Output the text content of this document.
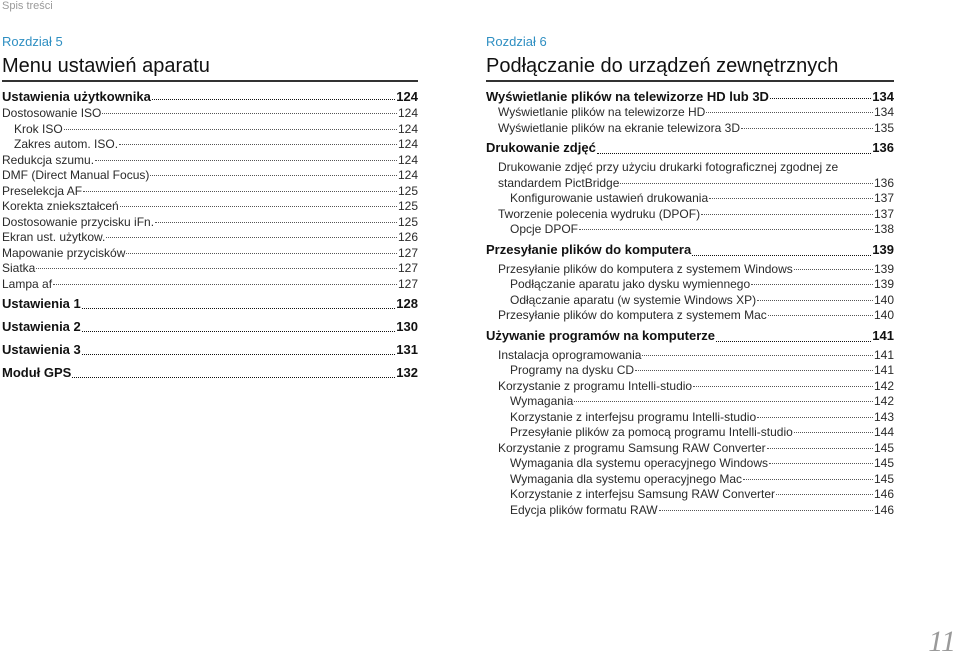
Spis treści
Rozdział 5
Menu ustawień aparatu
Ustawienia użytkownika	124
Dostosowanie ISO	124
Krok ISO	124
Zakres autom. ISO.	124
Redukcja szumu.	124
DMF (Direct Manual Focus)	124
Preselekcja AF	125
Korekta zniekształceń	125
Dostosowanie przycisku iFn.	125
Ekran ust. użytkow.	126
Mapowanie przycisków	127
Siatka	127
Lampa af	127
Ustawienia 1	128
Ustawienia 2	130
Ustawienia 3	131
Moduł GPS	132
Rozdział 6
Podłączanie do urządzeń zewnętrznych
Wyświetlanie plików na telewizorze HD lub 3D	134
Wyświetlanie plików na telewizorze HD	134
Wyświetlanie plików na ekranie telewizora 3D	135
Drukowanie zdjęć	136
Drukowanie zdjęć przy użyciu drukarki fotograficznej zgodnej ze
standardem PictBridge	136
Konfigurowanie ustawień drukowania	137
Tworzenie polecenia wydruku (DPOF)	137
Opcje DPOF	138
Przesyłanie plików do komputera	139
Przesyłanie plików do komputera z systemem Windows	139
Podłączanie aparatu jako dysku wymiennego	139
Odłączanie aparatu (w systemie Windows XP)	140
Przesyłanie plików do komputera z systemem Mac	140
Używanie programów na komputerze	141
Instalacja oprogramowania	141
Programy na dysku CD	141
Korzystanie z programu Intelli-studio	142
Wymagania	142
Korzystanie z interfejsu programu Intelli-studio	143
Przesyłanie plików za pomocą programu Intelli-studio	144
Korzystanie z programu Samsung RAW Converter	145
Wymagania dla systemu operacyjnego Windows	145
Wymagania dla systemu operacyjnego Mac	145
Korzystanie z interfejsu Samsung RAW Converter	146
Edycja plików formatu RAW	146
11
